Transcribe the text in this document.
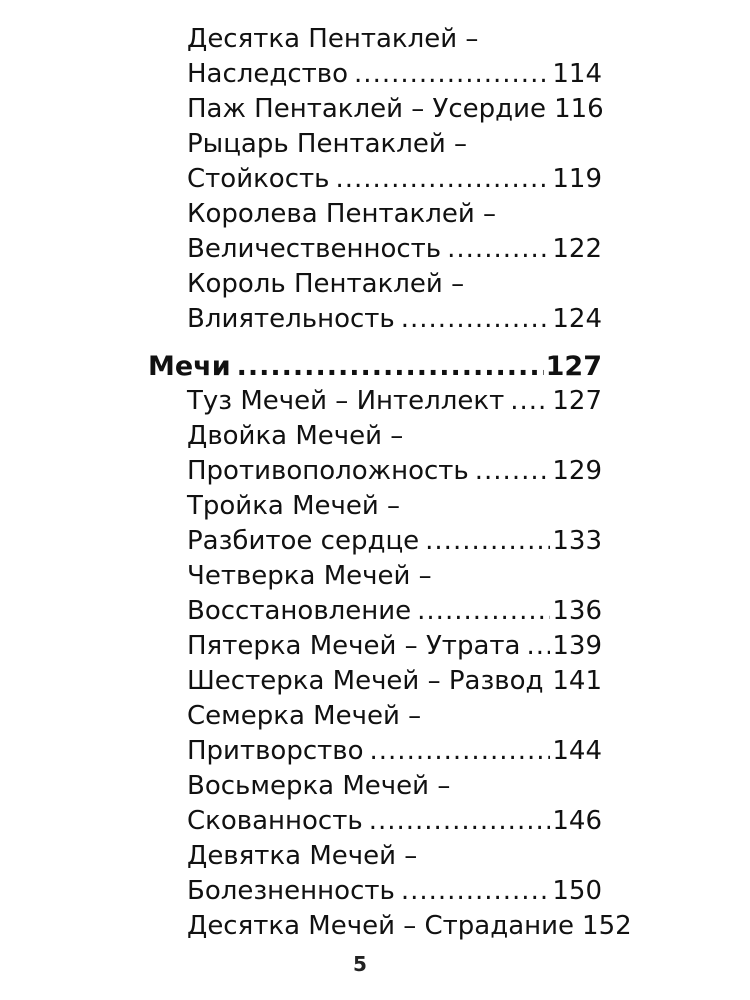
Десятка Пентаклей –
Наследство .....	114
Паж Пентаклей – Усердие ..... 116
Рыцарь Пентаклей –
Стойкость .....	119
Королева Пентаклей –
Величественность .....	122
Король Пентаклей –
Влиятельность .....	124
Мечи .....	127
Туз Мечей – Интеллект ..... 127
Двойка Мечей –
Противоположность .....	129
Тройка Мечей –
Разбитое сердце .....	133
Четверка Мечей –
Восстановление .....	136
Пятерка Мечей – Утрата ..... 139
Шестерка Мечей – Развод ..... 141
Семерка Мечей –
Притворство .....	144
Восьмерка Мечей –
Скованность .....	146
Девятка Мечей –
Болезненность .....	150
Десятка Мечей – Страдание ..... 152
5
